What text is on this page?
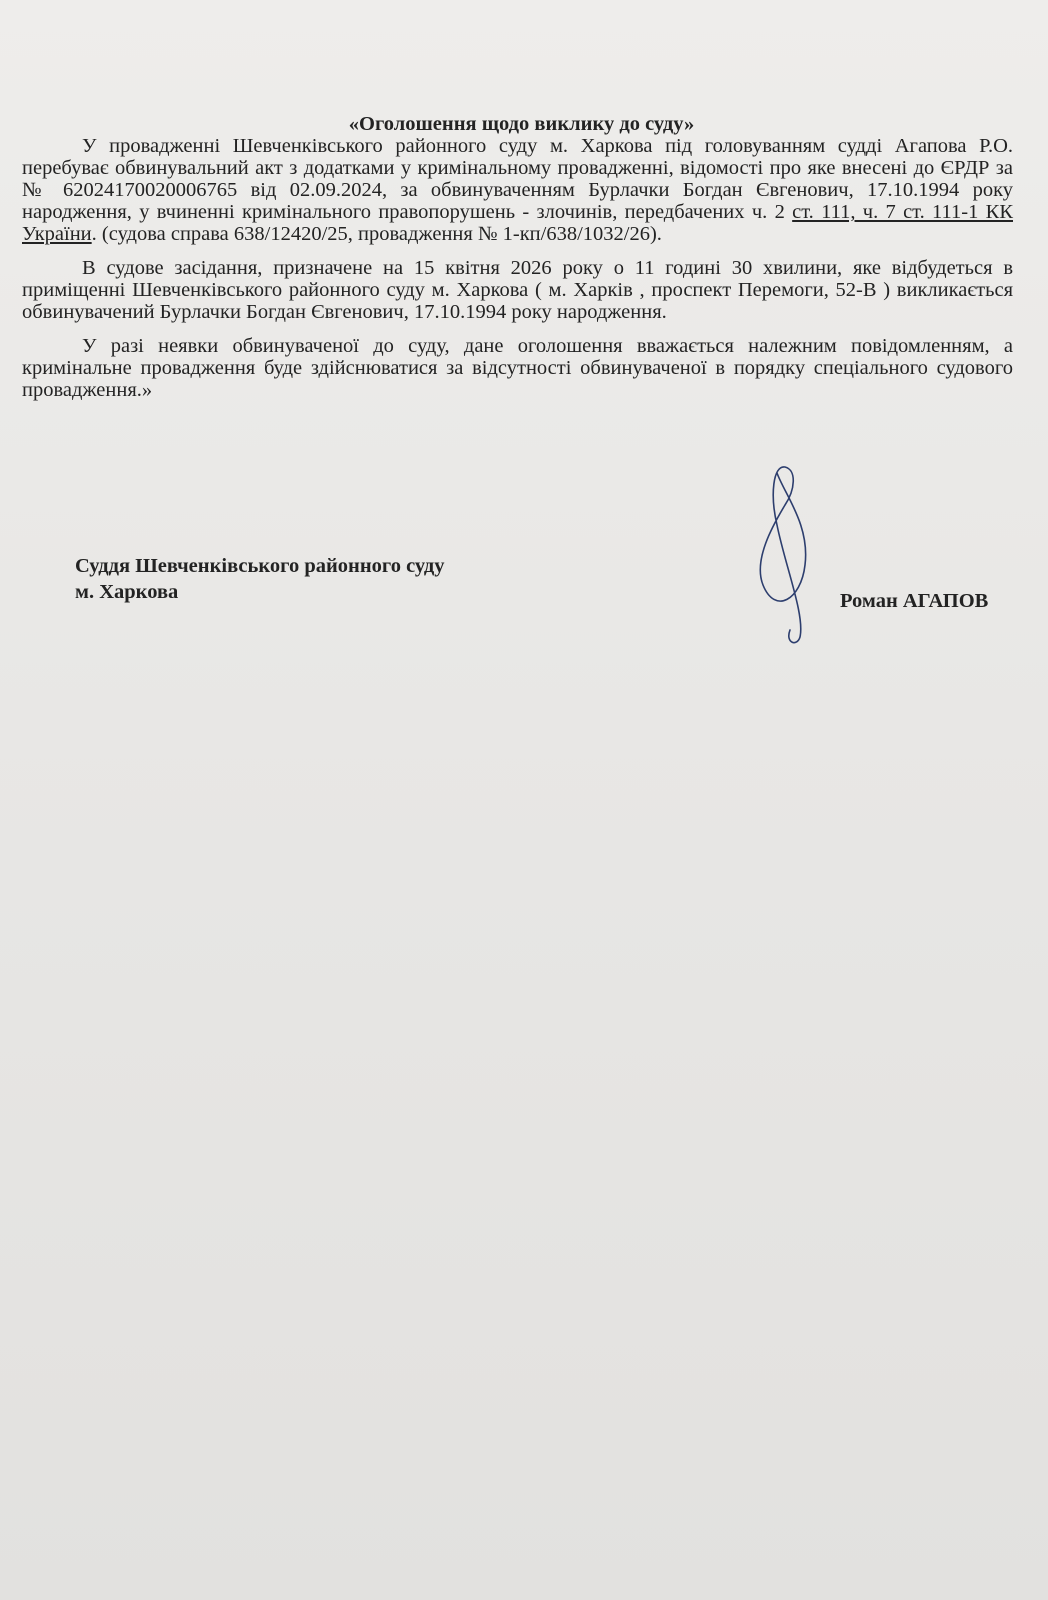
«Оголошення щодо виклику до суду»

У провадженні Шевченківського районного суду м. Харкова під головуванням судді Агапова Р.О. перебуває обвинувальний акт з додатками у кримінальному провадженні, відомості про яке внесені до ЄРДР за № 62024170020006765 від 02.09.2024, за обвинуваченням Бурлачки Богдан Євгенович, 17.10.1994 року народження, у вчиненні кримінального правопорушень - злочинів, передбачених ч. 2 ст. 111, ч. 7 ст. 111-1 КК України. (судова справа 638/12420/25, провадження № 1-кп/638/1032/26).

В судове засідання, призначене на 15 квітня 2026 року о 11 годині 30 хвилини, яке відбудеться в приміщенні Шевченківського районного суду м. Харкова ( м. Харків , проспект Перемоги, 52-В ) викликається обвинувачений Бурлачки Богдан Євгенович, 17.10.1994 року народження.

У разі неявки обвинуваченої до суду, дане оголошення вважається належним повідомленням, а кримінальне провадження буде здійснюватися за відсутності обвинуваченої в порядку спеціального судового провадження.»

Суддя Шевченківського районного суду
м. Харкова	Роман АГАПОВ
